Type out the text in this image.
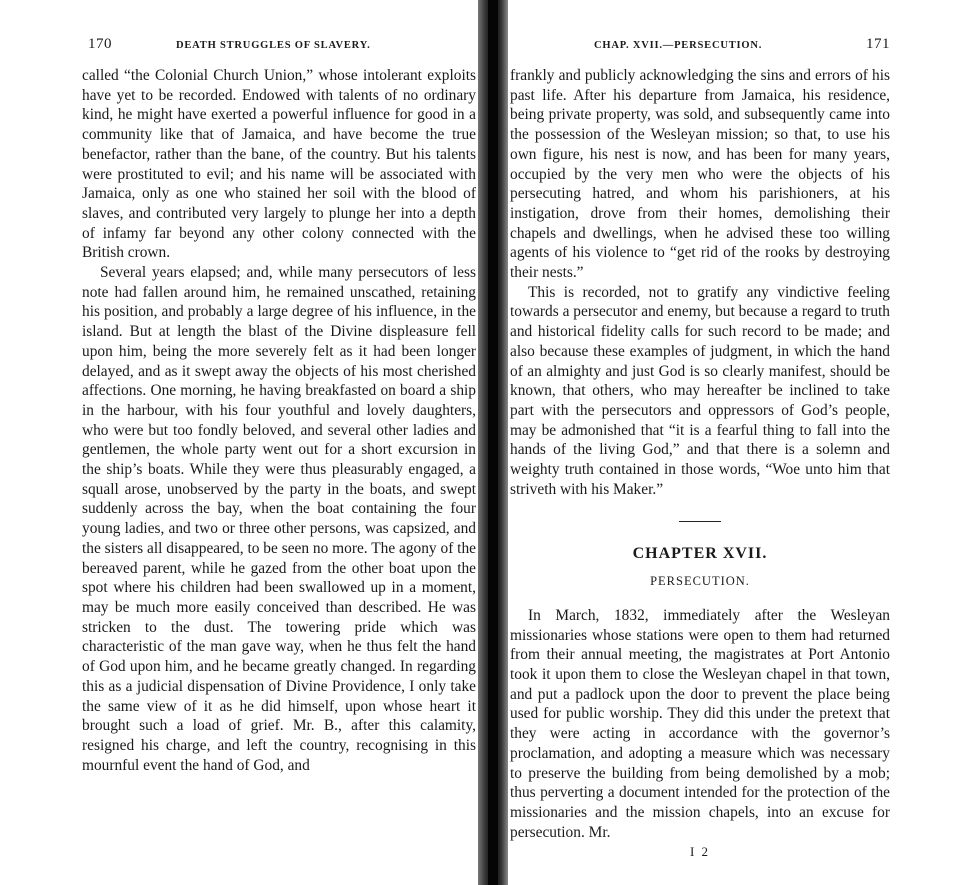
170	DEATH STRUGGLES OF SLAVERY.

called “the Colonial Church Union,” whose intolerant exploits have yet to be recorded. Endowed with talents of no ordinary kind, he might have exerted a powerful influence for good in a community like that of Jamaica, and have become the true benefactor, rather than the bane, of the country. But his talents were prostituted to evil; and his name will be associated with Jamaica, only as one who stained her soil with the blood of slaves, and contributed very largely to plunge her into a depth of infamy far beyond any other colony connected with the British crown.

Several years elapsed; and, while many persecutors of less note had fallen around him, he remained unscathed, retaining his position, and probably a large degree of his influence, in the island. But at length the blast of the Divine displeasure fell upon him, being the more severely felt as it had been longer delayed, and as it swept away the objects of his most cherished affections. One morning, he having breakfasted on board a ship in the harbour, with his four youthful and lovely daughters, who were but too fondly beloved, and several other ladies and gentlemen, the whole party went out for a short excursion in the ship’s boats. While they were thus pleasurably engaged, a squall arose, unobserved by the party in the boats, and swept suddenly across the bay, when the boat containing the four young ladies, and two or three other persons, was capsized, and the sisters all disappeared, to be seen no more. The agony of the bereaved parent, while he gazed from the other boat upon the spot where his children had been swallowed up in a moment, may be much more easily conceived than described. He was stricken to the dust. The towering pride which was characteristic of the man gave way, when he thus felt the hand of God upon him, and he became greatly changed. In regarding this as a judicial dispensation of Divine Providence, I only take the same view of it as he did himself, upon whose heart it brought such a load of grief. Mr. B., after this calamity, resigned his charge, and left the country, recognising in this mournful event the hand of God, and

CHAP. XVII.—PERSECUTION.	171

frankly and publicly acknowledging the sins and errors of his past life. After his departure from Jamaica, his residence, being private property, was sold, and subsequently came into the possession of the Wesleyan mission; so that, to use his own figure, his nest is now, and has been for many years, occupied by the very men who were the objects of his persecuting hatred, and whom his parishioners, at his instigation, drove from their homes, demolishing their chapels and dwellings, when he advised these too willing agents of his violence to “get rid of the rooks by destroying their nests.”

This is recorded, not to gratify any vindictive feeling towards a persecutor and enemy, but because a regard to truth and historical fidelity calls for such record to be made; and also because these examples of judgment, in which the hand of an almighty and just God is so clearly manifest, should be known, that others, who may hereafter be inclined to take part with the persecutors and oppressors of God’s people, may be admonished that “it is a fearful thing to fall into the hands of the living God,” and that there is a solemn and weighty truth contained in those words, “Woe unto him that striveth with his Maker.”

CHAPTER XVII.
PERSECUTION.

In March, 1832, immediately after the Wesleyan missionaries whose stations were open to them had returned from their annual meeting, the magistrates at Port Antonio took it upon them to close the Wesleyan chapel in that town, and put a padlock upon the door to prevent the place being used for public worship. They did this under the pretext that they were acting in accordance with the governor’s proclamation, and adopting a measure which was necessary to preserve the building from being demolished by a mob; thus perverting a document intended for the protection of the missionaries and the mission chapels, into an excuse for persecution. Mr.

I 2
